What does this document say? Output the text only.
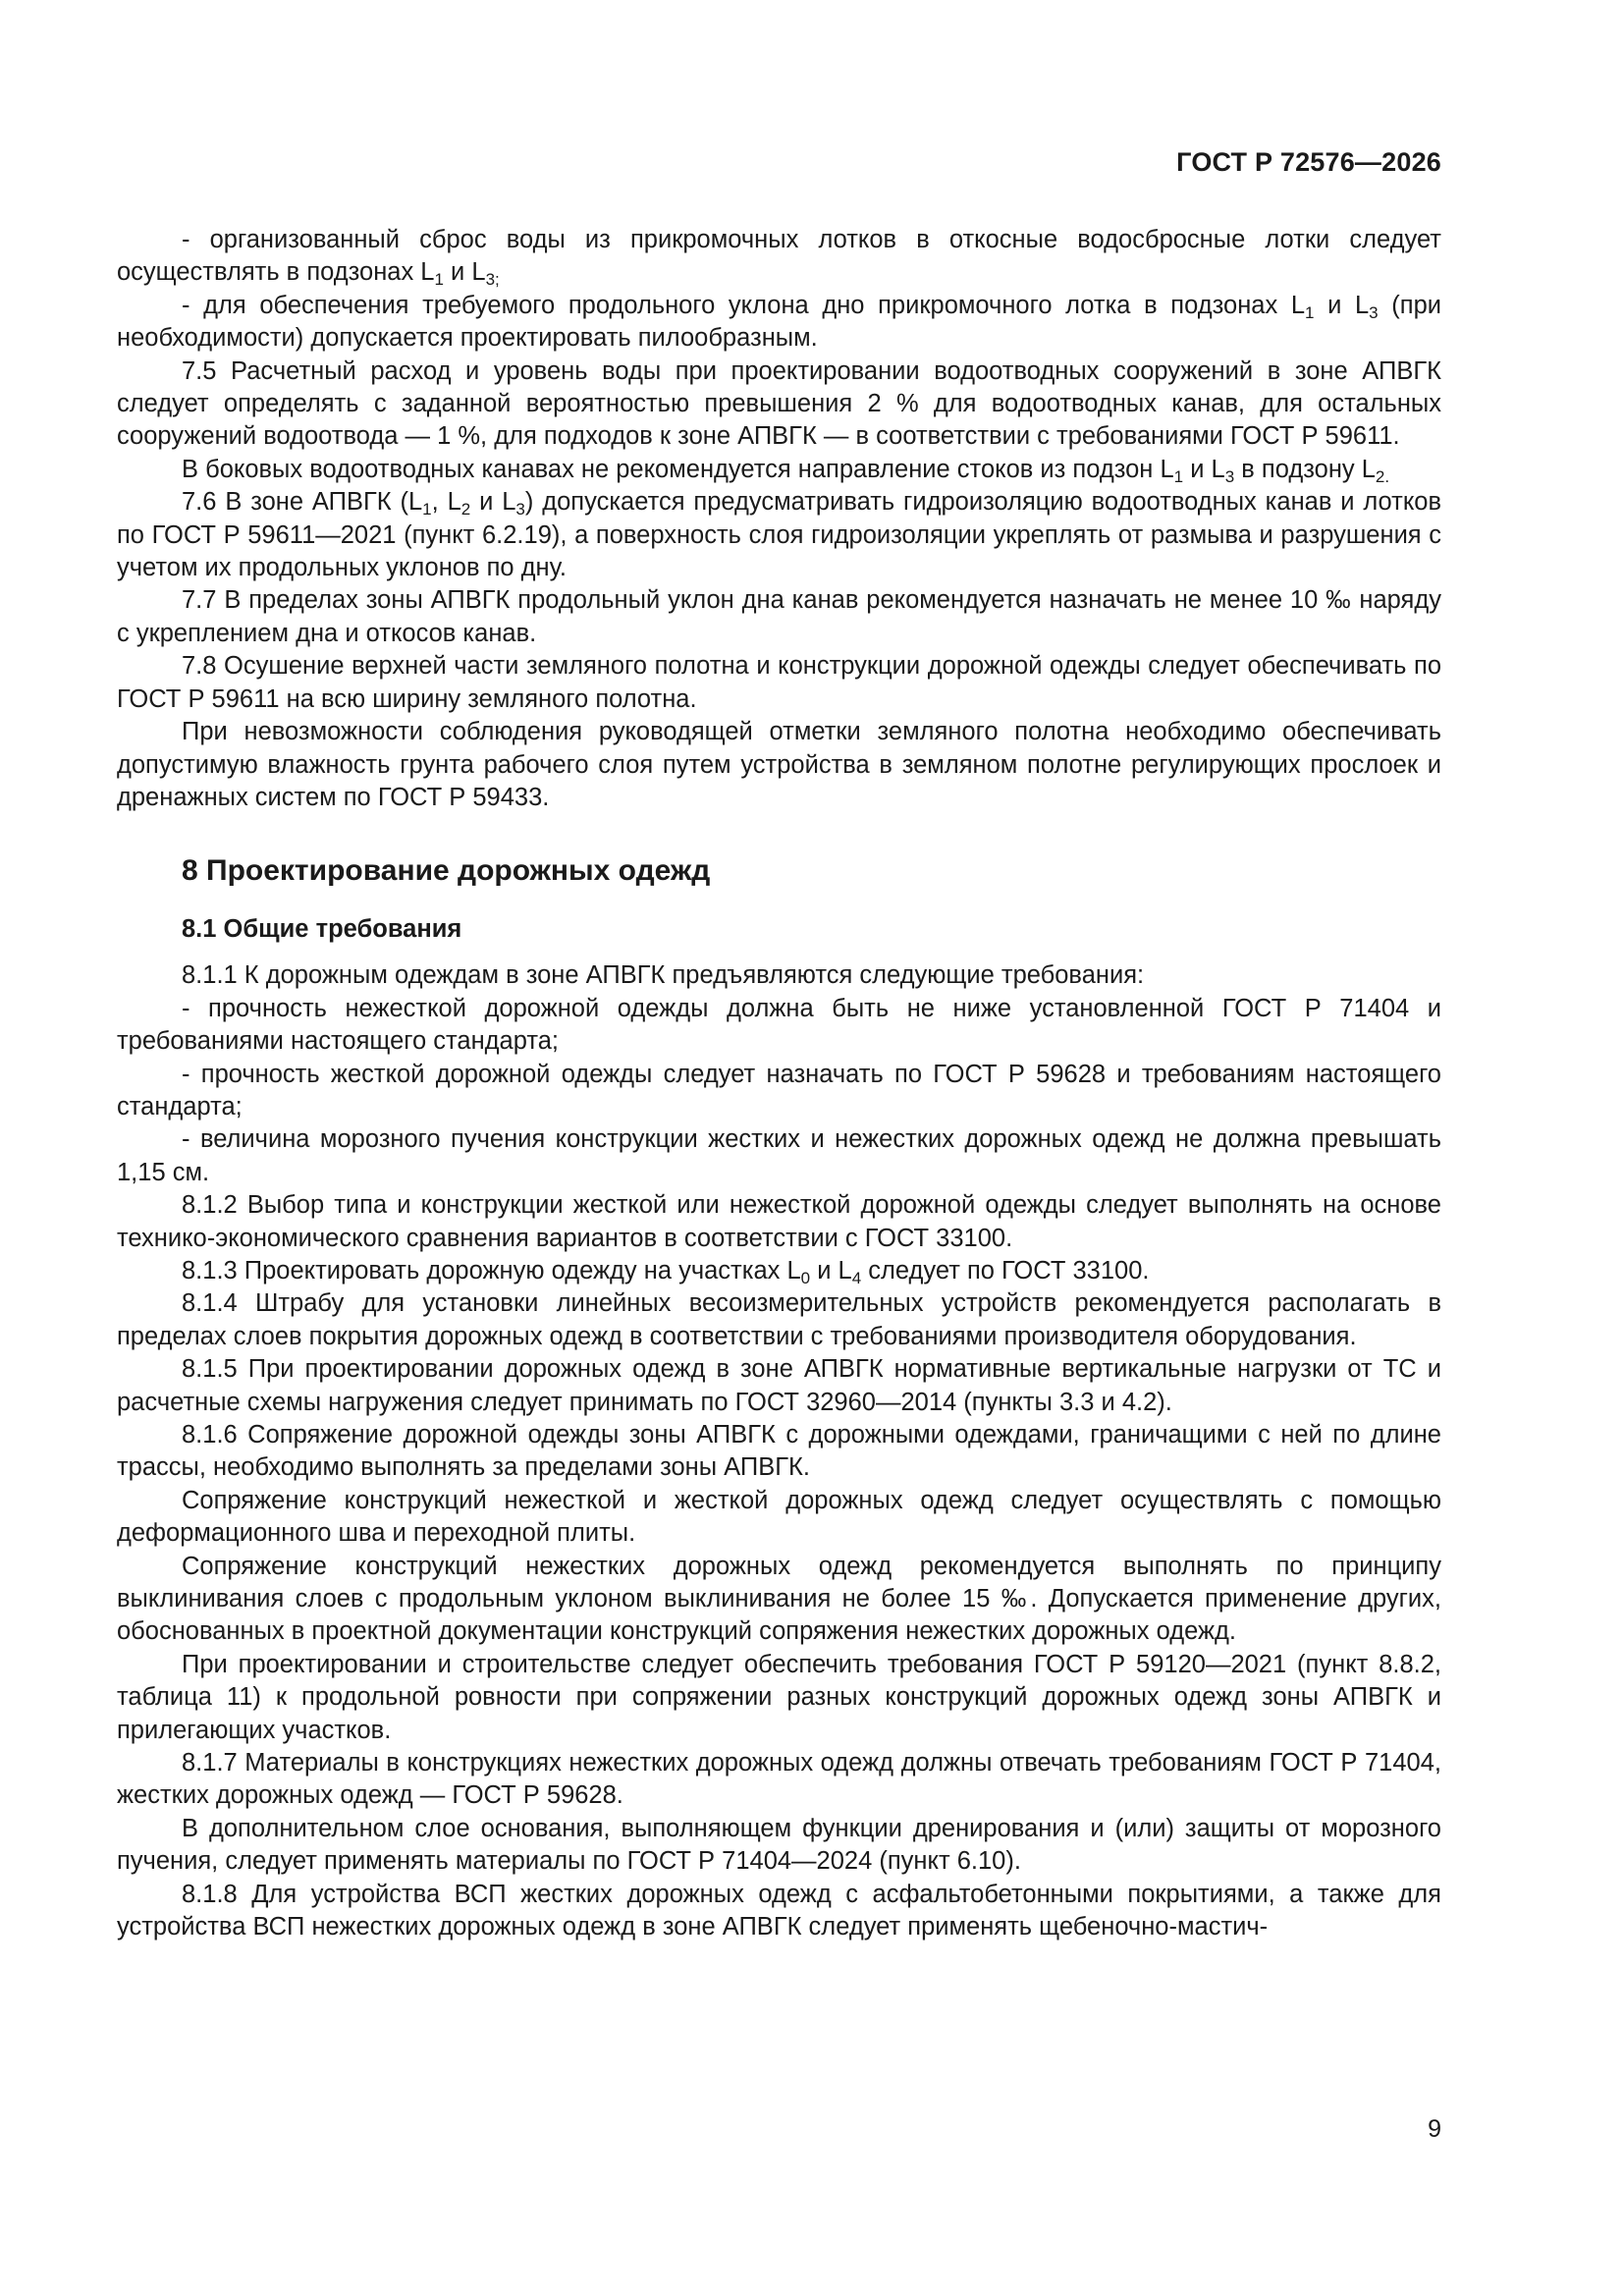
ГОСТ Р 72576—2026

- организованный сброс воды из прикромочных лотков в откосные водосбросные лотки следует осуществлять в подзонах $L_1$ и $L_{3;}$

- для обеспечения требуемого продольного уклона дно прикромочного лотка в подзонах $L_1$ и $L_3$ (при необходимости) допускается проектировать пилообразным.

7.5 Расчетный расход и уровень воды при проектировании водоотводных сооружений в зоне АПВГК следует определять с заданной вероятностью превышения 2 % для водоотводных канав, для остальных сооружений водоотвода — 1 %, для подходов к зоне АПВГК — в соответствии с требованиями ГОСТ Р 59611.

В боковых водоотводных канавах не рекомендуется направление стоков из подзон $L_1$ и $L_3$ в подзону $L_{2.}$

7.6 В зоне АПВГК ($L_1$, $L_2$ и $L_3$) допускается предусматривать гидроизоляцию водоотводных канав и лотков по ГОСТ Р 59611—2021 (пункт 6.2.19), а поверхность слоя гидроизоляции укреплять от размыва и разрушения с учетом их продольных уклонов по дну.

7.7 В пределах зоны АПВГК продольный уклон дна канав рекомендуется назначать не менее 10 ‰ наряду с укреплением дна и откосов канав.

7.8 Осушение верхней части земляного полотна и конструкции дорожной одежды следует обеспечивать по ГОСТ Р 59611 на всю ширину земляного полотна.

При невозможности соблюдения руководящей отметки земляного полотна необходимо обеспечивать допустимую влажность грунта рабочего слоя путем устройства в земляном полотне регулирующих прослоек и дренажных систем по ГОСТ Р 59433.

8 Проектирование дорожных одежд
8.1 Общие требования

8.1.1 К дорожным одеждам в зоне АПВГК предъявляются следующие требования:

- прочность нежесткой дорожной одежды должна быть не ниже установленной ГОСТ Р 71404 и требованиями настоящего стандарта;

- прочность жесткой дорожной одежды следует назначать по ГОСТ Р 59628 и требованиям настоящего стандарта;

- величина морозного пучения конструкции жестких и нежестких дорожных одежд не должна превышать 1,15 см.

8.1.2 Выбор типа и конструкции жесткой или нежесткой дорожной одежды следует выполнять на основе технико-экономического сравнения вариантов в соответствии с ГОСТ 33100.

8.1.3 Проектировать дорожную одежду на участках $L_0$ и $L_4$ следует по ГОСТ 33100.

8.1.4 Штрабу для установки линейных весоизмерительных устройств рекомендуется располагать в пределах слоев покрытия дорожных одежд в соответствии с требованиями производителя оборудования.

8.1.5 При проектировании дорожных одежд в зоне АПВГК нормативные вертикальные нагрузки от ТС и расчетные схемы нагружения следует принимать по ГОСТ 32960—2014 (пункты 3.3 и 4.2).

8.1.6 Сопряжение дорожной одежды зоны АПВГК с дорожными одеждами, граничащими с ней по длине трассы, необходимо выполнять за пределами зоны АПВГК.

Сопряжение конструкций нежесткой и жесткой дорожных одежд следует осуществлять с помощью деформационного шва и переходной плиты.

Сопряжение конструкций нежестких дорожных одежд рекомендуется выполнять по принципу выклинивания слоев с продольным уклоном выклинивания не более 15 ‰. Допускается применение других, обоснованных в проектной документации конструкций сопряжения нежестких дорожных одежд.

При проектировании и строительстве следует обеспечить требования ГОСТ Р 59120—2021 (пункт 8.8.2, таблица 11) к продольной ровности при сопряжении разных конструкций дорожных одежд зоны АПВГК и прилегающих участков.

8.1.7 Материалы в конструкциях нежестких дорожных одежд должны отвечать требованиям ГОСТ Р 71404, жестких дорожных одежд — ГОСТ Р 59628.

В дополнительном слое основания, выполняющем функции дренирования и (или) защиты от морозного пучения, следует применять материалы по ГОСТ Р 71404—2024 (пункт 6.10).

8.1.8 Для устройства ВСП жестких дорожных одежд с асфальтобетонными покрытиями, а также для устройства ВСП нежестких дорожных одежд в зоне АПВГК следует применять щебеночно-мастич-

9
